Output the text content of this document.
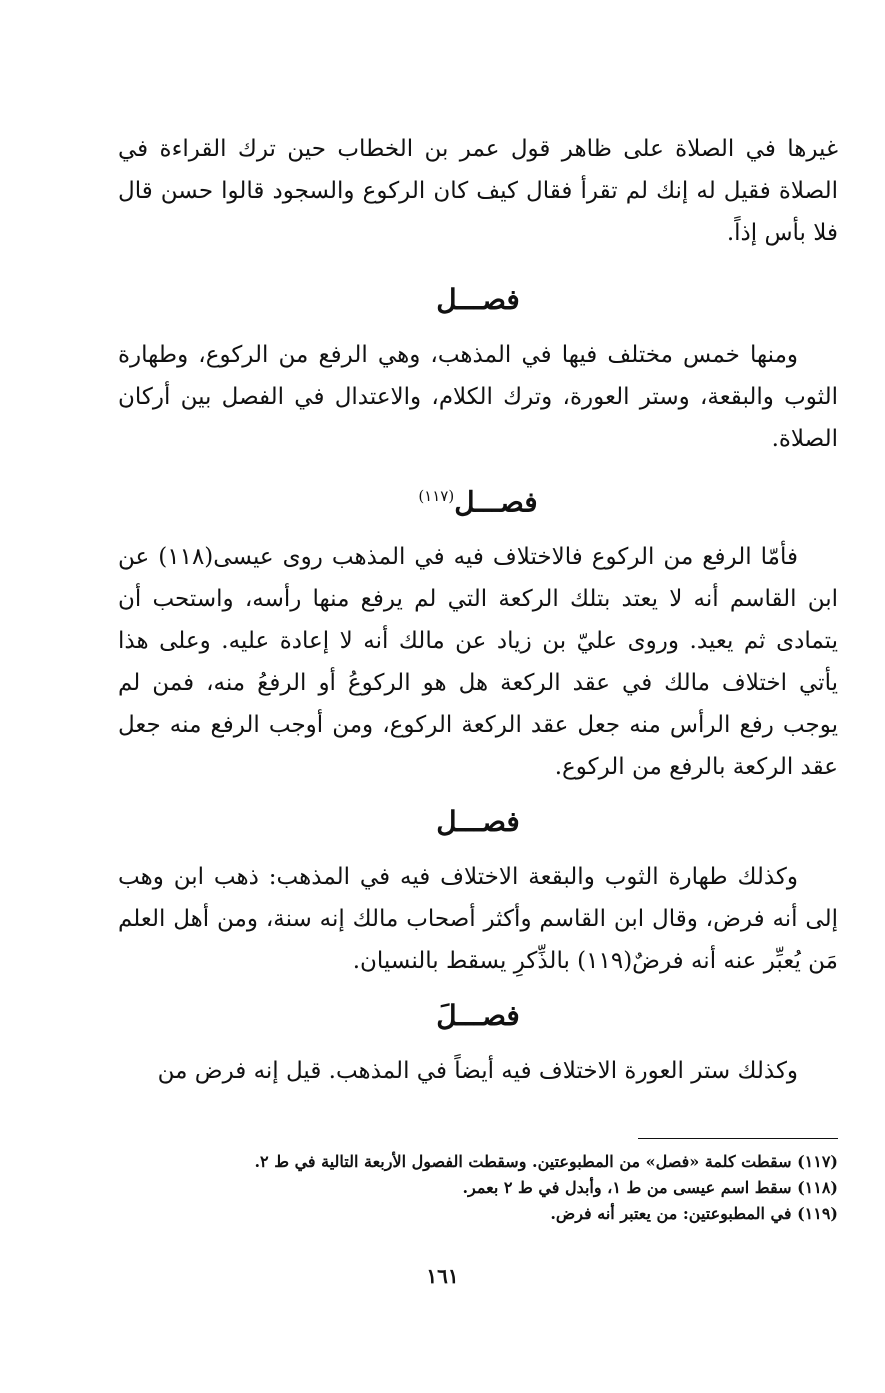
غيرها في الصلاة على ظاهر قول عمر بن الخطاب حين ترك القراءة في الصلاة فقيل له إنك لم تقرأ فقال كيف كان الركوع والسجود قالوا حسن قال فلا بأس إذاً.

فصـــل

ومنها خمس مختلف فيها في المذهب، وهي الرفع من الركوع، وطهارة الثوب والبقعة، وستر العورة، وترك الكلام، والاعتدال في الفصل بين أركان الصلاة.

فصـــل$^{(١١٧)}$

فأمّا الرفع من الركوع فالاختلاف فيه في المذهب روى عيسى(١١٨) عن ابن القاسم أنه لا يعتد بتلك الركعة التي لم يرفع منها رأسه، واستحب أن يتمادى ثم يعيد. وروى عليّ بن زياد عن مالك أنه لا إعادة عليه. وعلى هذا يأتي اختلاف مالك في عقد الركعة هل هو الركوعُ أو الرفعُ منه، فمن لم يوجب رفع الرأس منه جعل عقد الركعة الركوع، ومن أوجب الرفع منه جعل عقد الركعة بالرفع من الركوع.

فصـــل

وكذلك طهارة الثوب والبقعة الاختلاف فيه في المذهب: ذهب ابن وهب إلى أنه فرض، وقال ابن القاسم وأكثر أصحاب مالك إنه سنة، ومن أهل العلم مَن يُعبِّر عنه أنه فرضٌ(١١٩) بالذِّكرِ يسقط بالنسيان.

فصـــلَ

وكذلك ستر العورة الاختلاف فيه أيضاً في المذهب. قيل إنه فرض من

(١١٧) سقطت كلمة «فصل» من المطبوعتين. وسقطت الفصول الأربعة التالية في ط ٢.

(١١٨) سقط اسم عيسى من ط ١، وأبدل في ط ٢ بعمر.

(١١٩) في المطبوعتين: من يعتبر أنه فرض.

١٦١
